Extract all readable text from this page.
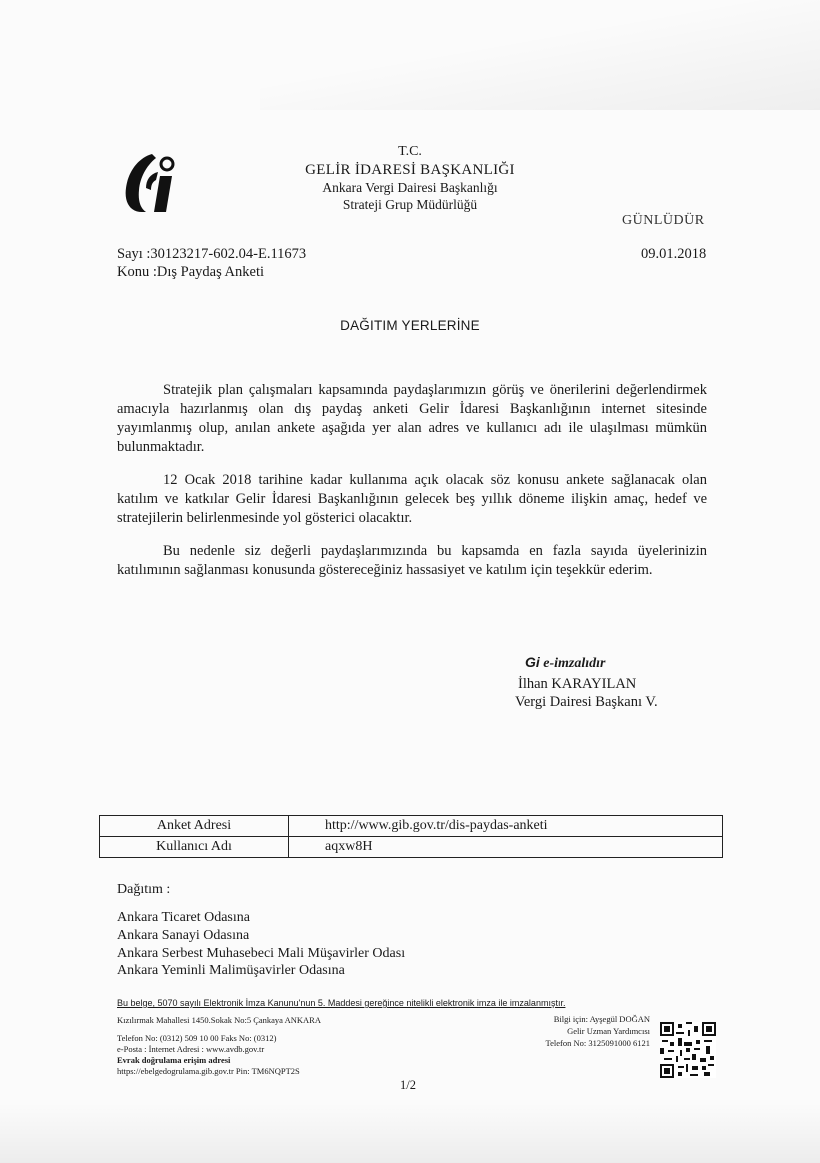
T.C.
GELİR İDARESİ BAŞKANLIĞI
Ankara Vergi Dairesi Başkanlığı
Strateji Grup Müdürlüğü
GÜNLÜDÜR
Sayı :30123217-602.04-E.11673
Konu :Dış Paydaş Anketi
09.01.2018
DAĞITIM YERLERİNE

Stratejik plan çalışmaları kapsamında paydaşlarımızın görüş ve önerilerini değerlendirmek amacıyla hazırlanmış olan dış paydaş anketi Gelir İdaresi Başkanlığının internet sitesinde yayımlanmış olup, anılan ankete aşağıda yer alan adres ve kullanıcı adı ile ulaşılması mümkün bulunmaktadır.

12 Ocak 2018 tarihine kadar kullanıma açık olacak söz konusu ankete sağlanacak olan katılım ve katkılar Gelir İdaresi Başkanlığının gelecek beş yıllık döneme ilişkin amaç, hedef ve stratejilerin belirlenmesinde yol gösterici olacaktır.

Bu nedenle siz değerli paydaşlarımızında bu kapsamda en fazla sayıda üyelerinizin katılımının sağlanması konusunda göstereceğiniz hassasiyet ve katılım için teşekkür ederim.

Gi e-imzalıdır
İlhan KARAYILAN
Vergi Dairesi Başkanı V.
Anket Adresi	http://www.gib.gov.tr/dis-paydas-anketi
Kullanıcı Adı	aqxw8H
Dağıtım :
Ankara Ticaret Odasına
Ankara Sanayi Odasına
Ankara Serbest Muhasebeci Mali Müşavirler Odası
Ankara Yeminli Malimüşavirler Odasına
Bu belge, 5070 sayılı Elektronik İmza Kanunu'nun 5. Maddesi gereğince nitelikli elektronik imza ile imzalanmıştır.
Kızılırmak Mahallesi 1450.Sokak No:5 Çankaya ANKARA
Telefon No: (0312) 509 10 00 Faks No: (0312)
e-Posta : İnternet Adresi : www.avdb.gov.tr
Evrak doğrulama erişim adresi
https://ebelgedogrulama.gib.gov.tr Pin: TM6NQPT2S
Bilgi için: Ayşegül DOĞAN
Gelir Uzman Yardımcısı
Telefon No: 3125091000 6121
1/2
